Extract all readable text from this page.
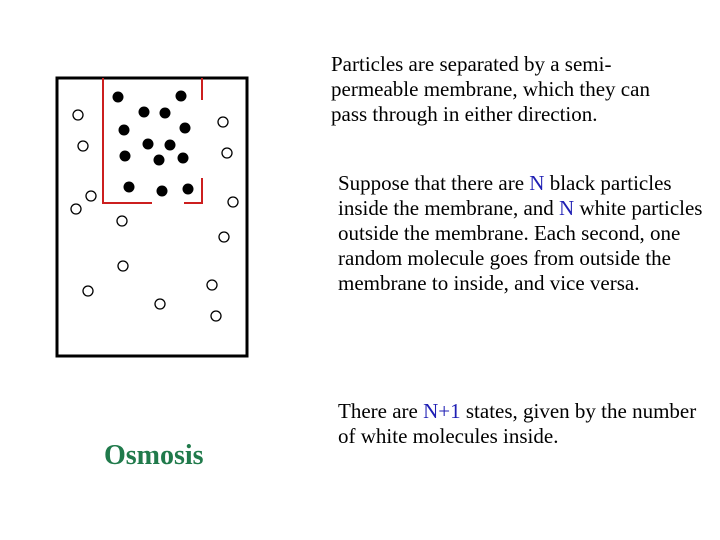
Particles are separated by a semi-permeable membrane, which they can pass through in either direction.

Suppose that there are N black particles inside the membrane, and N white particles outside the membrane. Each second, one random molecule goes from outside the membrane to inside, and vice versa.

There are N+1 states, given by the number of white molecules inside.

Osmosis
